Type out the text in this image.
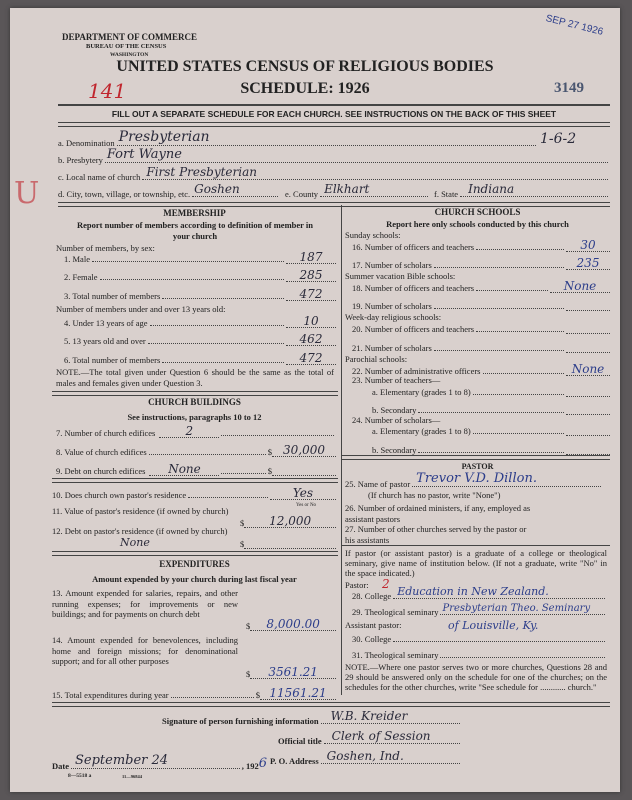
DEPARTMENT OF COMMERCE
BUREAU OF THE CENSUS
WASHINGTON
UNITED STATES CENSUS OF RELIGIOUS BODIES
SCHEDULE: 1926
141
SEP 27 1926
3149
FILL OUT A SEPARATE SCHEDULE FOR EACH CHURCH. SEE INSTRUCTIONS ON THE BACK OF THIS SHEET
a. Denomination Presbyterian	1-6-2
b. Presbytery Fort Wayne
c. Local name of church First Presbyterian
d. City, town, village, or township, etc. Goshen	e. County Elkhart	f. State Indiana
U
MEMBERSHIP
Report number of members according to definition of member in your church
Number of members, by sex:
1. Male	187
2. Female	285
3. Total number of members	472
Number of members under and over 13 years old:
4. Under 13 years of age	10
5. 13 years old and over	462
6. Total number of members	472
NOTE.—The total given under Question 6 should be the same as the total of males and females given under Question 3.
CHURCH BUILDINGS
See instructions, paragraphs 10 to 12
7. Number of church edifices	2
8. Value of church edifices	$ 30,000
9. Debt on church edifices	None	$
10. Does church own pastor's residence	Yes
Yes or No
11. Value of pastor's residence (if owned by church)
$	12,000
12. Debt on pastor's residence (if owned by church)
None	$
EXPENDITURES
Amount expended by your church during last fiscal year
13. Amount expended for salaries, repairs, and other running expenses; for improvements or new buildings; and for payments on church debt
$	8,000.00
14. Amount expended for benevolences, including home and foreign missions; for denominational support; and for all other purposes
$	3561.21
15. Total expenditures during year	$ 11561.21
CHURCH SCHOOLS
Report here only schools conducted by this church
Sunday schools:
16. Number of officers and teachers	30
17. Number of scholars	235
Summer vacation Bible schools:
18. Number of officers and teachers	None
19. Number of scholars
Week-day religious schools:
20. Number of officers and teachers
21. Number of scholars
Parochial schools:
22. Number of administrative officers	None
23. Number of teachers—
a. Elementary (grades 1 to 8)
b. Secondary
24. Number of scholars—
a. Elementary (grades 1 to 8)
b. Secondary
PASTOR
25. Name of pastor Trevor V.D. Dillon.
(If church has no pastor, write "None")
26. Number of ordained ministers, if any, employed as assistant pastors
27. Number of other churches served by the pastor or his assistants
If pastor (or assistant pastor) is a graduate of a college or theological seminary, give name of institution below. (If not a graduate, write "No" in the space indicated.)
Pastor: 2
28. College Education in New Zealand.
29. Theological seminary Presbyterian Theo. Seminary
of Louisville, Ky.
Assistant pastor:
30. College
31. Theological seminary
NOTE.—Where one pastor serves two or more churches, Questions 28 and 29 should be answered only on the schedule for one of the churches; on the schedules for the other churches, write "See schedule for ............ church."
Signature of person furnishing information W.B. Kreider
Official title Clerk of Session
Date September 24	, 192 6 P. O. Address Goshen, Ind.
8—5518 a	11—96844
